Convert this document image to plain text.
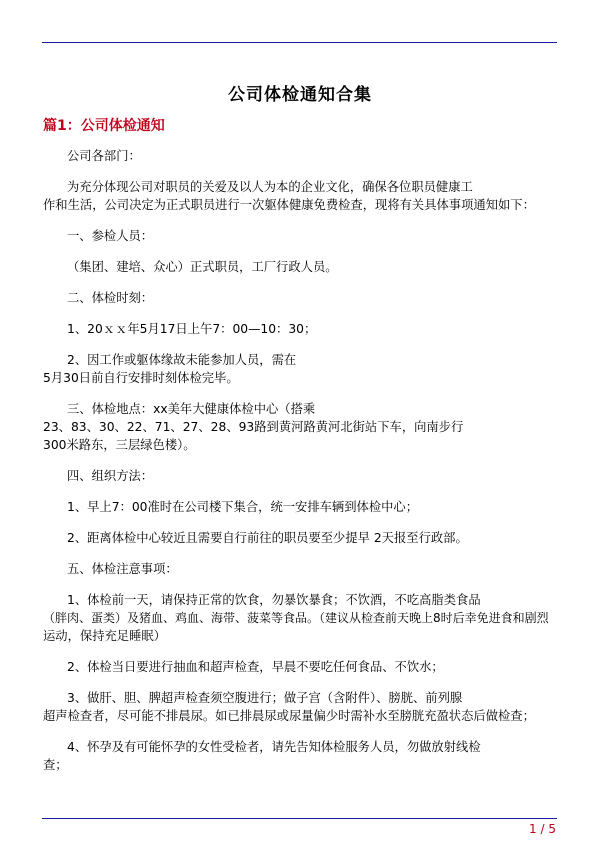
公司体检通知合集
篇1：公司体检通知
公司各部门：
为充分体现公司对职员的关爱及以人为本的企业文化，确保各位职员健康工
作和生活，公司决定为正式职员进行一次躯体健康免费检查，现将有关具体事项通知如下：
一、参检人员：
（集团、建培、众心）正式职员，工厂行政人员。
二、体检时刻：
1、20ｘｘ年5月17日上午7：00—10：30；
2、因工作或躯体缘故未能参加人员，需在
5月30日前自行安排时刻体检完毕。
三、体检地点：xx美年大健康体检中心（搭乘
23、83、30、22、71、27、28、93路到黄河路黄河北街站下车，向南步行
300米路东，三层绿色楼）。
四、组织方法：
1、早上7：00准时在公司楼下集合，统一安排车辆到体检中心；
2、距离体检中心较近且需要自行前往的职员要至少提早 2天报至行政部。
五、体检注意事项：
1、体检前一天，请保持正常的饮食，勿暴饮暴食；不饮酒，不吃高脂类食品
（胖肉、蛋类）及猪血、鸡血、海带、菠菜等食品。（建议从检查前天晚上8时后幸免进食和剧烈
运动，保持充足睡眠）
2、体检当日要进行抽血和超声检查，早晨不要吃任何食品、不饮水；
3、做肝、胆、脾超声检查须空腹进行；做子宫（含附件）、膀胱、前列腺
超声检查者，尽可能不排晨尿。如已排晨尿或尿量偏少时需补水至膀胱充盈状态后做检查；
4、怀孕及有可能怀孕的女性受检者，请先告知体检服务人员，勿做放射线检
查；
1 / 5
